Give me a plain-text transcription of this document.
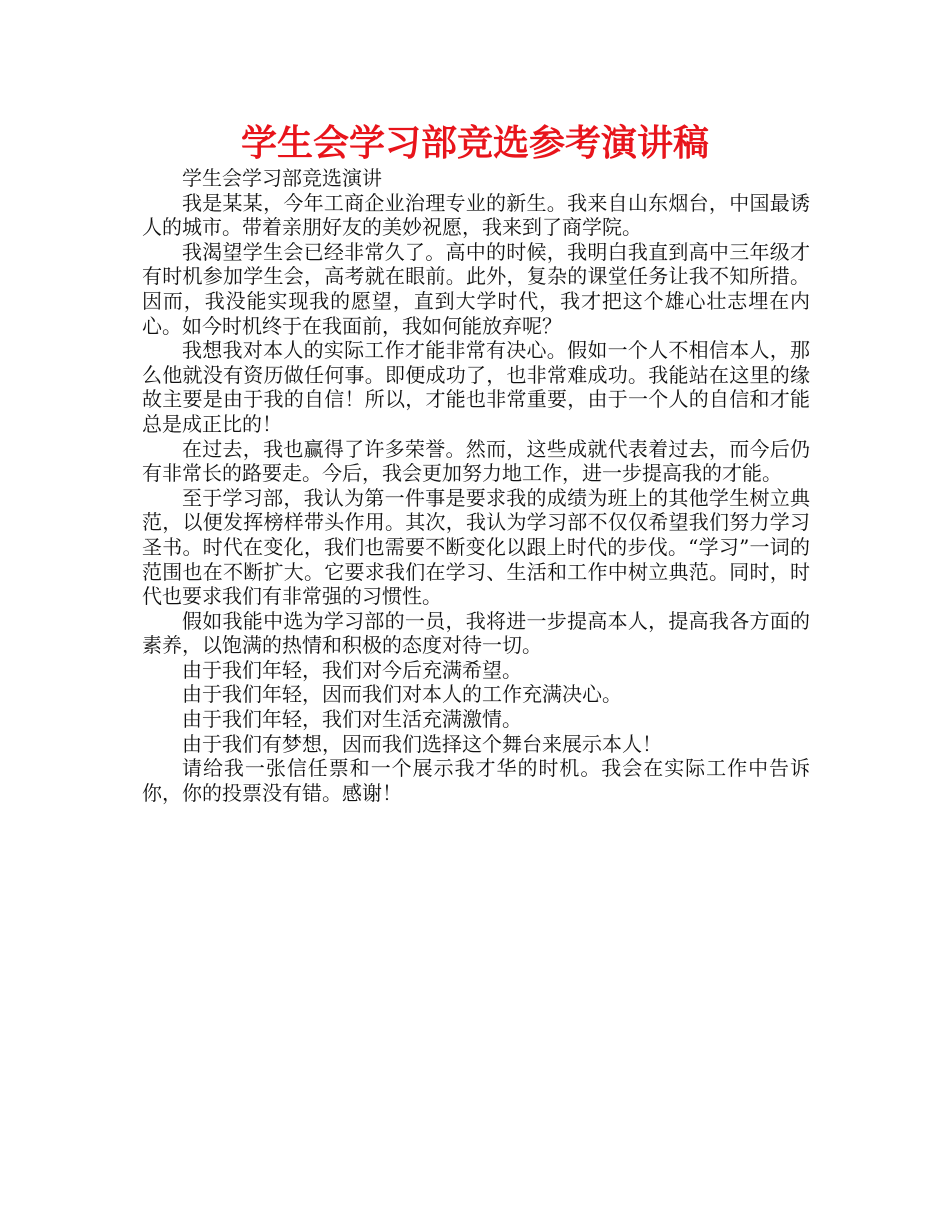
学生会学习部竞选参考演讲稿

学生会学习部竞选演讲

我是某某，今年工商企业治理专业的新生。我来自山东烟台，中国最诱人的城市。带着亲朋好友的美妙祝愿，我来到了商学院。

我渴望学生会已经非常久了。高中的时候，我明白我直到高中三年级才有时机参加学生会，高考就在眼前。此外，复杂的课堂任务让我不知所措。因而，我没能实现我的愿望，直到大学时代，我才把这个雄心壮志埋在内心。如今时机终于在我面前，我如何能放弃呢？

我想我对本人的实际工作才能非常有决心。假如一个人不相信本人，那么他就没有资历做任何事。即便成功了，也非常难成功。我能站在这里的缘故主要是由于我的自信！所以，才能也非常重要，由于一个人的自信和才能总是成正比的！

在过去，我也赢得了许多荣誉。然而，这些成就代表着过去，而今后仍有非常长的路要走。今后，我会更加努力地工作，进一步提高我的才能。

至于学习部，我认为第一件事是要求我的成绩为班上的其他学生树立典范，以便发挥榜样带头作用。其次，我认为学习部不仅仅希望我们努力学习圣书。时代在变化，我们也需要不断变化以跟上时代的步伐。“学习”一词的范围也在不断扩大。它要求我们在学习、生活和工作中树立典范。同时，时代也要求我们有非常强的习惯性。

假如我能中选为学习部的一员，我将进一步提高本人，提高我各方面的素养，以饱满的热情和积极的态度对待一切。

由于我们年轻，我们对今后充满希望。

由于我们年轻，因而我们对本人的工作充满决心。

由于我们年轻，我们对生活充满激情。

由于我们有梦想，因而我们选择这个舞台来展示本人！

请给我一张信任票和一个展示我才华的时机。我会在实际工作中告诉你，你的投票没有错。感谢！
